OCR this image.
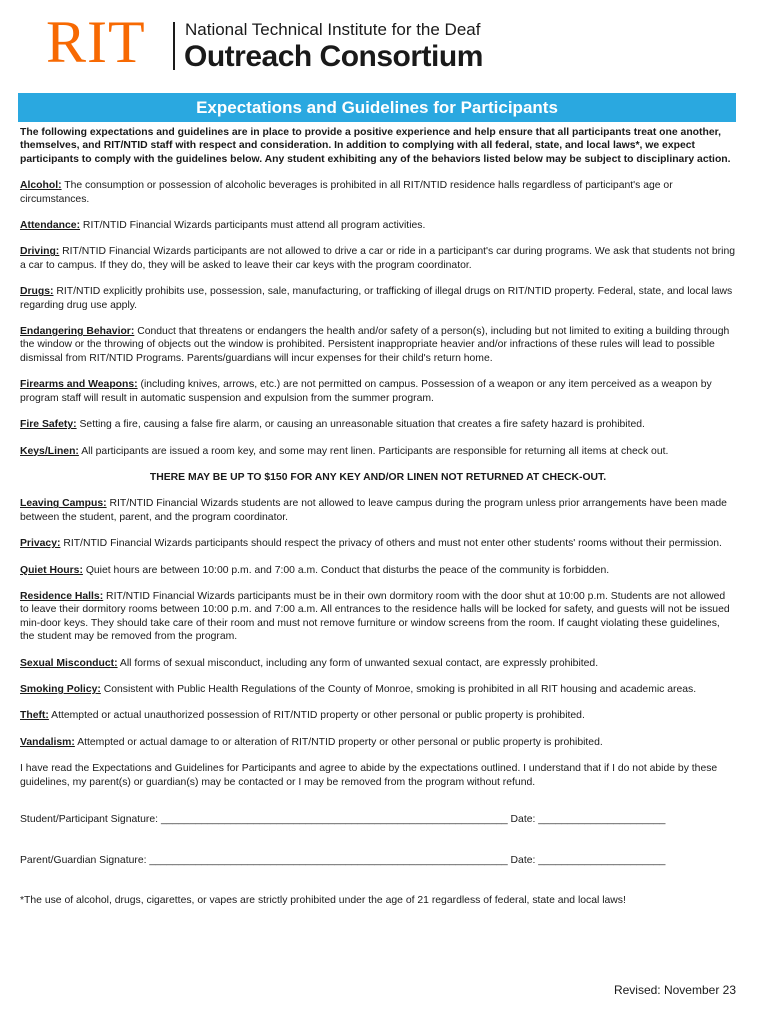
RIT National Technical Institute for the Deaf
Outreach Consortium
Expectations and Guidelines for Participants

The following expectations and guidelines are in place to provide a positive experience and help ensure that all participants treat one another, themselves, and RIT/NTID staff with respect and consideration. In addition to complying with all federal, state, and local laws*, we expect participants to comply with the guidelines below. Any student exhibiting any of the behaviors listed below may be subject to disciplinary action.

Alcohol: The consumption or possession of alcoholic beverages is prohibited in all RIT/NTID residence halls regardless of participant's age or circumstances.

Attendance: RIT/NTID Financial Wizards participants must attend all program activities.

Driving: RIT/NTID Financial Wizards participants are not allowed to drive a car or ride in a participant's car during programs. We ask that students not bring a car to campus. If they do, they will be asked to leave their car keys with the program coordinator.

Drugs: RIT/NTID explicitly prohibits use, possession, sale, manufacturing, or trafficking of illegal drugs on RIT/NTID property. Federal, state, and local laws regarding drug use apply.

Endangering Behavior: Conduct that threatens or endangers the health and/or safety of a person(s), including but not limited to exiting a building through the window or the throwing of objects out the window is prohibited. Persistent inappropriate heavier and/or infractions of these rules will lead to possible dismissal from RIT/NTID Programs. Parents/guardians will incur expenses for their child's return home.

Firearms and Weapons: (including knives, arrows, etc.) are not permitted on campus. Possession of a weapon or any item perceived as a weapon by program staff will result in automatic suspension and expulsion from the summer program.

Fire Safety: Setting a fire, causing a false fire alarm, or causing an unreasonable situation that creates a fire safety hazard is prohibited.

Keys/Linen: All participants are issued a room key, and some may rent linen. Participants are responsible for returning all items at check out.

THERE MAY BE UP TO $150 FOR ANY KEY AND/OR LINEN NOT RETURNED AT CHECK-OUT.

Leaving Campus: RIT/NTID Financial Wizards students are not allowed to leave campus during the program unless prior arrangements have been made between the student, parent, and the program coordinator.

Privacy: RIT/NTID Financial Wizards participants should respect the privacy of others and must not enter other students' rooms without their permission.

Quiet Hours: Quiet hours are between 10:00 p.m. and 7:00 a.m. Conduct that disturbs the peace of the community is forbidden.

Residence Halls: RIT/NTID Financial Wizards participants must be in their own dormitory room with the door shut at 10:00 p.m. Students are not allowed to leave their dormitory rooms between 10:00 p.m. and 7:00 a.m. All entrances to the residence halls will be locked for safety, and guests will not be issued min-door keys. They should take care of their room and must not remove furniture or window screens from the room. If caught violating these guidelines, the student may be removed from the program.

Sexual Misconduct: All forms of sexual misconduct, including any form of unwanted sexual contact, are expressly prohibited.

Smoking Policy: Consistent with Public Health Regulations of the County of Monroe, smoking is prohibited in all RIT housing and academic areas.

Theft: Attempted or actual unauthorized possession of RIT/NTID property or other personal or public property is prohibited.

Vandalism: Attempted or actual damage to or alteration of RIT/NTID property or other personal or public property is prohibited.

I have read the Expectations and Guidelines for Participants and agree to abide by the expectations outlined. I understand that if I do not abide by these guidelines, my parent(s) or guardian(s) may be contacted or I may be removed from the program without refund.

Student/Participant Signature: ____________________________________________________________ Date: ______________________

Parent/Guardian Signature: ______________________________________________________________ Date: ______________________

*The use of alcohol, drugs, cigarettes, or vapes are strictly prohibited under the age of 21 regardless of federal, state and local laws!

Revised: November 23
